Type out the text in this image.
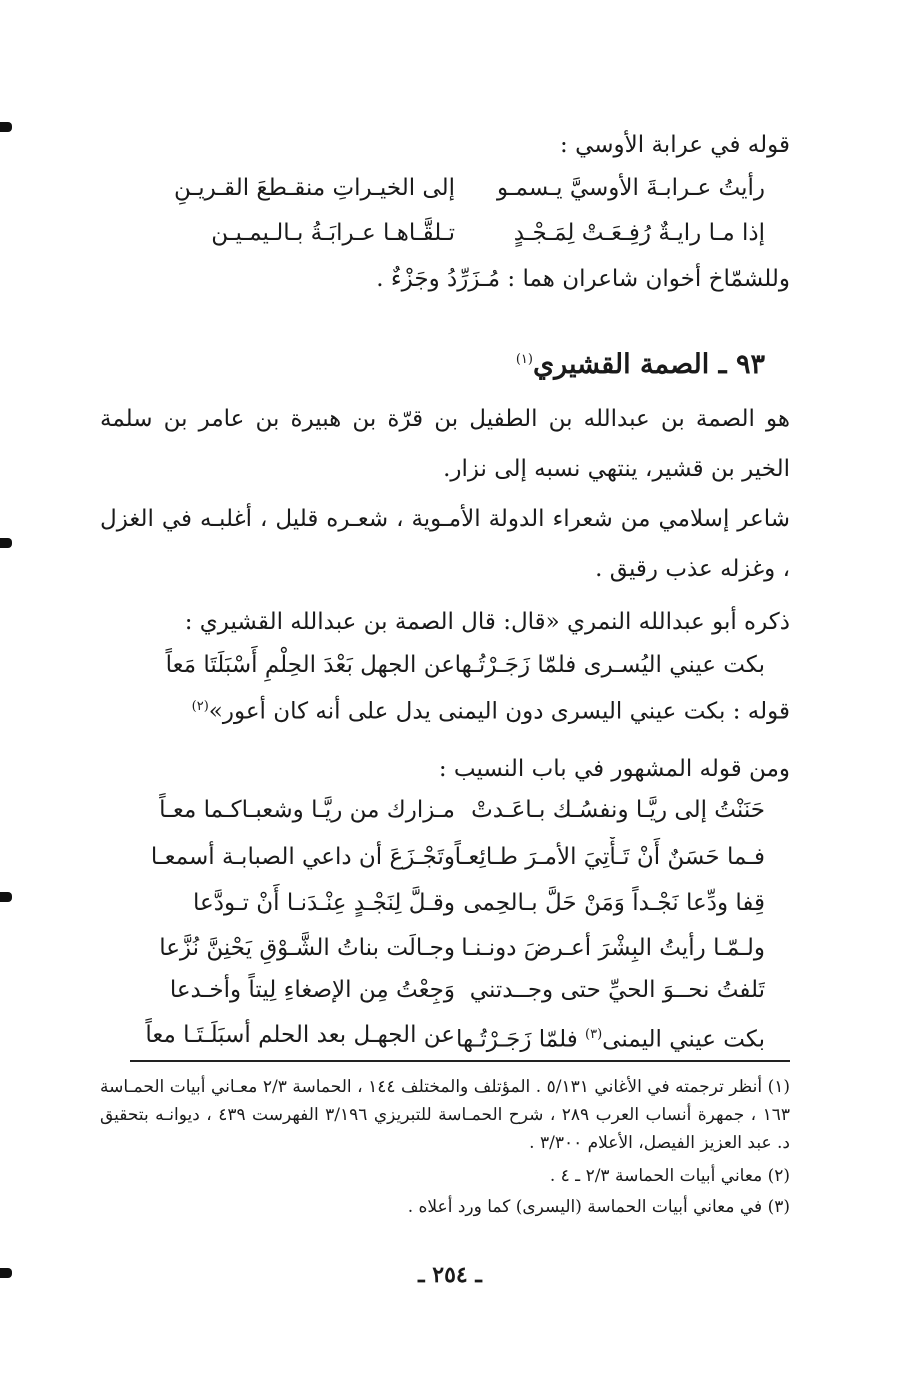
قوله في عرابة الأوسي :
رأيتُ عـرابـةَ الأوسيَّ يـسمـو
إلى الخيـراتِ منقـطعَ القـريـنِ
إذا مـا رايـةٌ رُفِـعَـتْ لِمَـجْـدٍ
تـلقَّـاهـا عـرابَـةُ بـالـيمـيـن
وللشمّاخ أخوان شاعران هما : مُـزَرِّدُ وجَزْءٌ .
٩٣ ـ الصمة القشيري$^{(١)}$
هو الصمة بن عبدالله بن الطفيل بن قرّة بن هبيرة بن عامر بن سلمة الخير بن قشير، ينتهي نسبه إلى نزار.
شاعر إسلامي من شعراء الدولة الأمـوية ، شعـره قليل ، أغلبـه في الغزل ، وغزله عذب رقيق .
ذكره أبو عبدالله النمري «قال: قال الصمة بن عبدالله القشيري :
بكت عيني اليُسـرى فلمّا زَجَـرْتُـها
عن الجهل بَعْدَ الحِلْمِ أَسْبَلَتَا مَعاً
قوله : بكت عيني اليسرى دون اليمنى يدل على أنه كان أعور»$^{(٢)}$
ومن قوله المشهور في باب النسيب :
حَنَنْتُ إلى ريَّـا ونفسُـك بـاعَـدتْ
مـزارك من ريَّـا وشعبـاكـما معـاً
فـما حَسَنٌ أَنْ تَـأْتِيَ الأمـرَ طـائِعـاً
وتَجْـزَعَ أن داعي الصبابـة أسمعـا
قِفا ودِّعا نَجْـداً وَمَنْ حَلَّ بـالحِمى
وقـلَّ لِنَجْـدٍ عِنْـدَنـا أَنْ تـودَّعا
ولـمّـا رأيتُ البِشْرَ أعـرضَ دونـنـا
وجـالَت بناتُ الشَّـوْقِ يَحْنِنَّ نُزَّعا
تَلفتُ نحــوَ الحيِّ حتى وجــدتني
وَجِعْتُ مِن الإصغاءِ لِيتاً وأخـدعا
بكت عيني اليمنى$^{(٣)}$ فلمّا زَجَـرْتُـها
عن الجهـل بعد الحلم أسبَلَـتَـا معاً
(١) أنظر ترجمته في الأغاني ٥/١٣١ . المؤتلف والمختلف ١٤٤ ، الحماسة ٢/٣ معـاني أبيات الحمـاسة ١٦٣ ، جمهرة أنساب العرب ٢٨٩ ، شرح الحمـاسة للتبريزي ٣/١٩٦ الفهرست ٤٣٩ ، ديوانـه بتحقيق د. عبد العزيز الفيصل، الأعلام ٣/٣٠٠ .
(٢) معاني أبيات الحماسة ٢/٣ ـ ٤ .
(٣) في معاني أبيات الحماسة (اليسرى) كما ورد أعلاه .
ـ ٢٥٤ ـ
